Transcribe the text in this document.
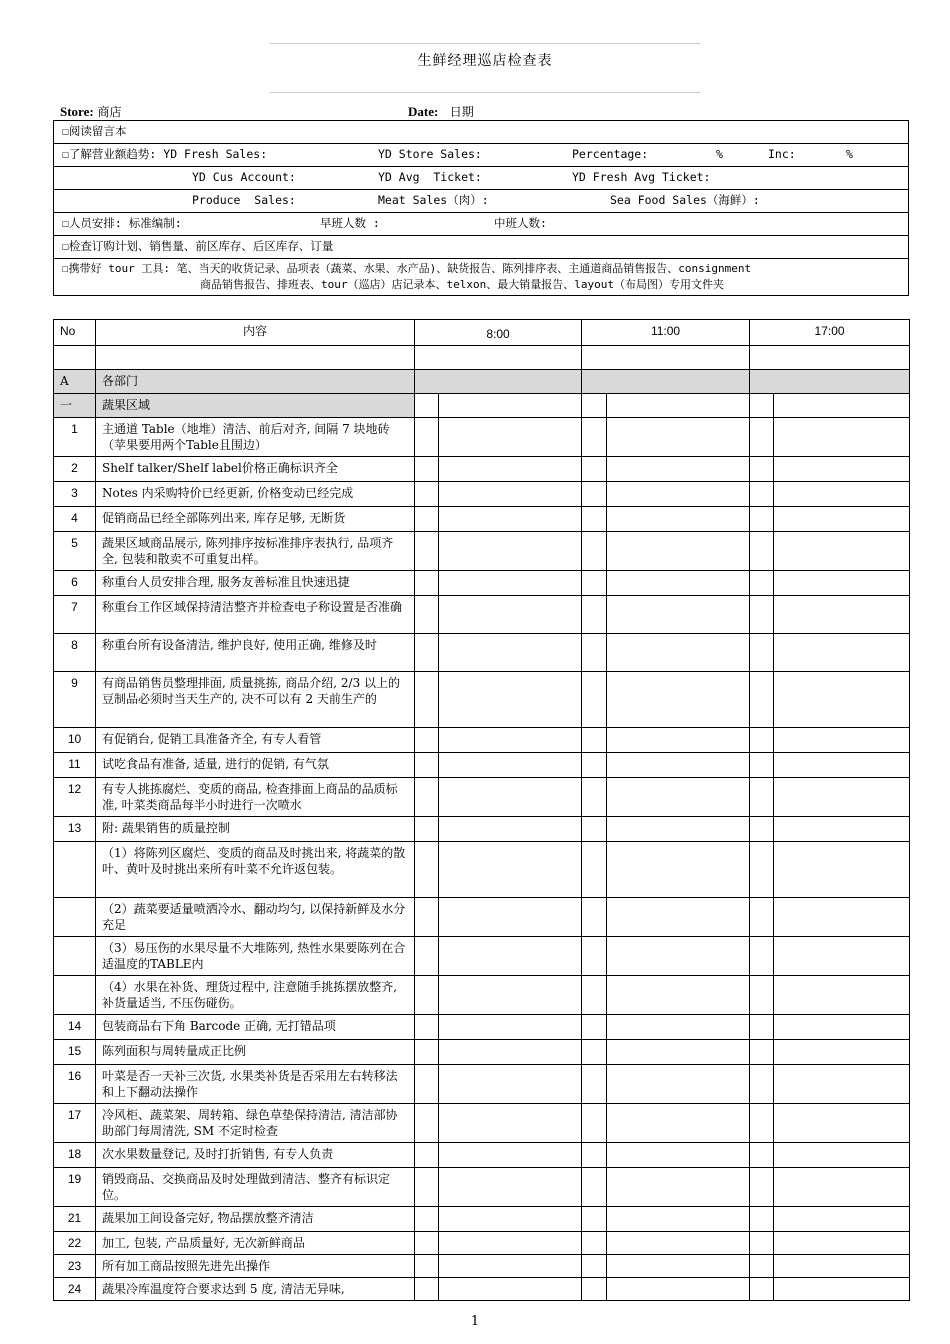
生鲜经理巡店检查表
Store: 商店	Date: 日期
☐阅读留言本

☐了解营业额趋势: YD Fresh Sales:	YD Store Sales:	Percentage:	%	Inc:	%

YD Cus Account:	YD Avg  Ticket:	YD Fresh Avg Ticket:

Produce  Sales:	Meat Sales（肉）:	Sea Food Sales（海鲜）:

☐人员安排: 标准编制:	早班人数 :	中班人数:

☐检查订购计划、销售量、前区库存、后区库存、订量

☐携带好 tour 工具: 笔、当天的收货记录、品项表（蔬菜、水果、水产品)、缺货报告、陈列排序表、主通道商品销售报告、consignment
商品销售报告、排班表、tour（巡店）店记录本、telxon、最大销量报告、layout（布局图）专用文件夹
No	内容	8:00		11:00		17:00	

A	各部门						
一	蔬果区域						
1	主通道 Table（地堆）清洁、前后对齐, 间隔 7 块地砖（苹果要用两个Table且围边）						
2	Shelf talker/Shelf label价格正确标识齐全						
3	Notes 内采购特价已经更新, 价格变动已经完成						
4	促销商品已经全部陈列出来, 库存足够, 无断货						
5	蔬果区域商品展示, 陈列排序按标准排序表执行, 品项齐全, 包装和散卖不可重复出样。						
6	称重台人员安排合理, 服务友善标准且快速迅捷						
7	称重台工作区域保持清洁整齐并检查电子称设置是否准确						
8	称重台所有设备清洁, 维护良好, 使用正确, 维修及时						
9	有商品销售员整理排面, 质量挑拣, 商品介绍, 2/3 以上的豆制品必须时当天生产的, 决不可以有 2 天前生产的						
10	有促销台, 促销工具准备齐全, 有专人看管						
11	试吃食品有准备, 适量, 进行的促销, 有气氛						
12	有专人挑拣腐烂、变质的商品, 检查排面上商品的品质标准, 叶菜类商品每半小时进行一次喷水						
13	附: 蔬果销售的质量控制						
	（1）将陈列区腐烂、变质的商品及时挑出来, 将蔬菜的散叶、黄叶及时挑出来所有叶菜不允许返包装。						
	（2）蔬菜要适量喷洒冷水、翻动均匀, 以保持新鲜及水分充足						
	（3）易压伤的水果尽量不大堆陈列, 热性水果要陈列在合适温度的TABLE内						
	（4）水果在补货、理货过程中, 注意随手挑拣摆放整齐, 补货量适当, 不压伤碰伤。						
14	包装商品右下角 Barcode 正确, 无打错品项						
15	陈列面积与周转量成正比例						
16	叶菜是否一天补三次货, 水果类补货是否采用左右转移法和上下翻动法操作						
17	冷风柜、蔬菜架、周转箱、绿色草垫保持清洁, 清洁部协助部门每周清洗, SM 不定时检查						
18	次水果数量登记, 及时打折销售, 有专人负责						
19	销毁商品、交换商品及时处理做到清洁、整齐有标识定位。						
21	蔬果加工间设备完好, 物品摆放整齐清洁						
22	加工, 包装, 产品质量好, 无次新鲜商品						
23	所有加工商品按照先进先出操作						
24	蔬果冷库温度符合要求达到 5 度, 清洁无异味,						
1
